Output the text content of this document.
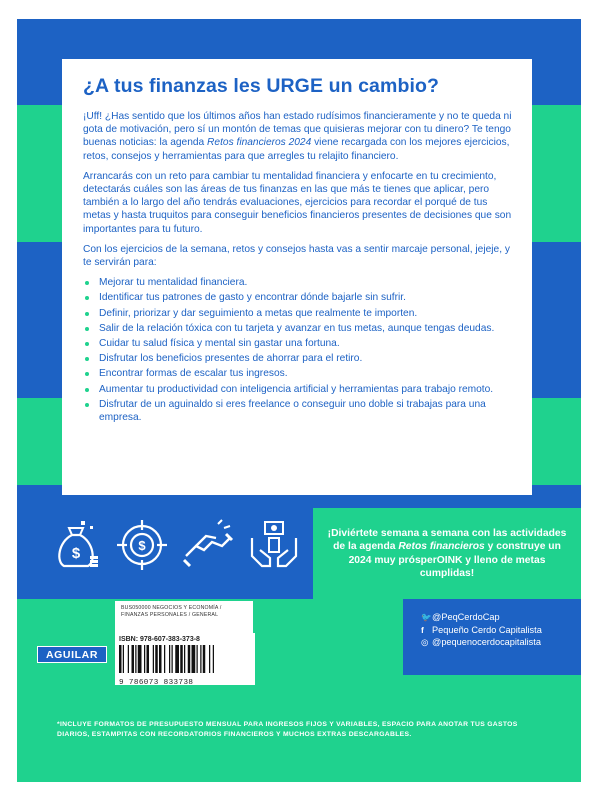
¿A tus finanzas les URGE un cambio?

¡Uff! ¿Has sentido que los últimos años han estado rudísimos financieramente y no te queda ni gota de motivación, pero sí un montón de temas que quisieras mejorar con tu dinero? Te tengo buenas noticias: la agenda Retos financieros 2024 viene recargada con los mejores ejercicios, retos, consejos y herramientas para que arregles tu relajito financiero.

Arrancarás con un reto para cambiar tu mentalidad financiera y enfocarte en tu crecimiento, detectarás cuáles son las áreas de tus finanzas en las que más te tienes que aplicar, pero también a lo largo del año tendrás evaluaciones, ejercicios para recordar el porqué de tus metas y hasta truquitos para conseguir beneficios financieros presentes de decisiones que son importantes para tu futuro.

Con los ejercicios de la semana, retos y consejos hasta vas a sentir marcaje personal, jejeje, y te servirán para:

Mejorar tu mentalidad financiera.
Identificar tus patrones de gasto y encontrar dónde bajarle sin sufrir.
Definir, priorizar y dar seguimiento a metas que realmente te importen.
Salir de la relación tóxica con tu tarjeta y avanzar en tus metas, aunque tengas deudas.
Cuidar tu salud física y mental sin gastar una fortuna.
Disfrutar los beneficios presentes de ahorrar para el retiro.
Encontrar formas de escalar tus ingresos.
Aumentar tu productividad con inteligencia artificial y herramientas para trabajo remoto.
Disfrutar de un aguinaldo si eres freelance o conseguir uno doble si trabajas para una empresa.
$	$

¡Diviértete semana a semana con las actividades de la agenda Retos financieros y construye un 2024 muy prósperOINK y lleno de metas cumplidas!

BUS050000 NEGOCIOS Y ECONOMÍA /
FINANZAS PERSONALES / GENERAL
AGUILAR
ISBN: 978-607-383-373-8
9 786073 833738
🐦 @PeqCerdoCap
f Pequeño Cerdo Capitalista
◎ @pequenocerdocapitalista

*INCLUYE FORMATOS DE PRESUPUESTO MENSUAL PARA INGRESOS FIJOS Y VARIABLES, ESPACIO PARA ANOTAR TUS GASTOS DIARIOS, ESTAMPITAS CON RECORDATORIOS FINANCIEROS Y MUCHOS EXTRAS DESCARGABLES.
